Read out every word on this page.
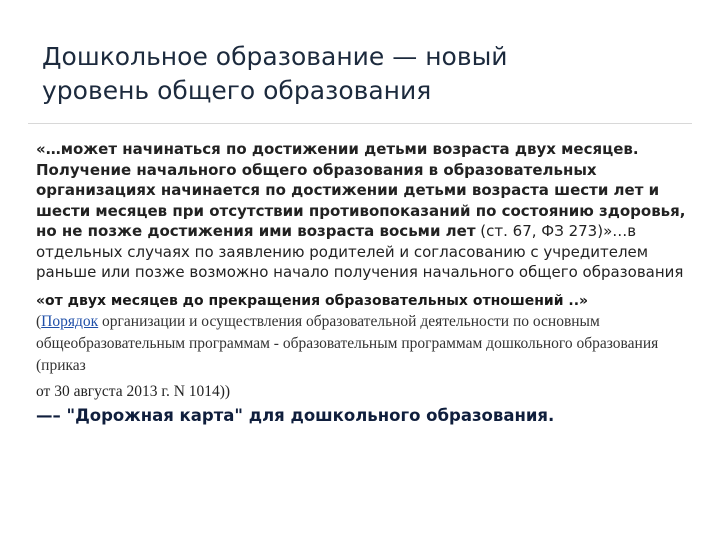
Дошкольное образование — новый
уровень общего образования

«…может начинаться по достижении детьми возраста двух месяцев. Получение начального общего образования в образовательных организациях начинается по достижении детьми возраста шести лет и шести месяцев при отсутствии противопоказаний по состоянию здоровья, но не позже достижения ими возраста восьми лет (ст. 67, ФЗ 273)»…в отдельных случаях по заявлению родителей и согласованию с учредителем раньше или позже возможно начало получения начального общего образования

«от двух месяцев до прекращения образовательных отношений ..»

(Порядок организации и осуществления образовательной деятельности по основным общеобразовательным программам - образовательным программам дошкольного образования (приказ

от 30 августа 2013 г. N 1014))

—– "Дорожная карта" для дошкольного образования.
